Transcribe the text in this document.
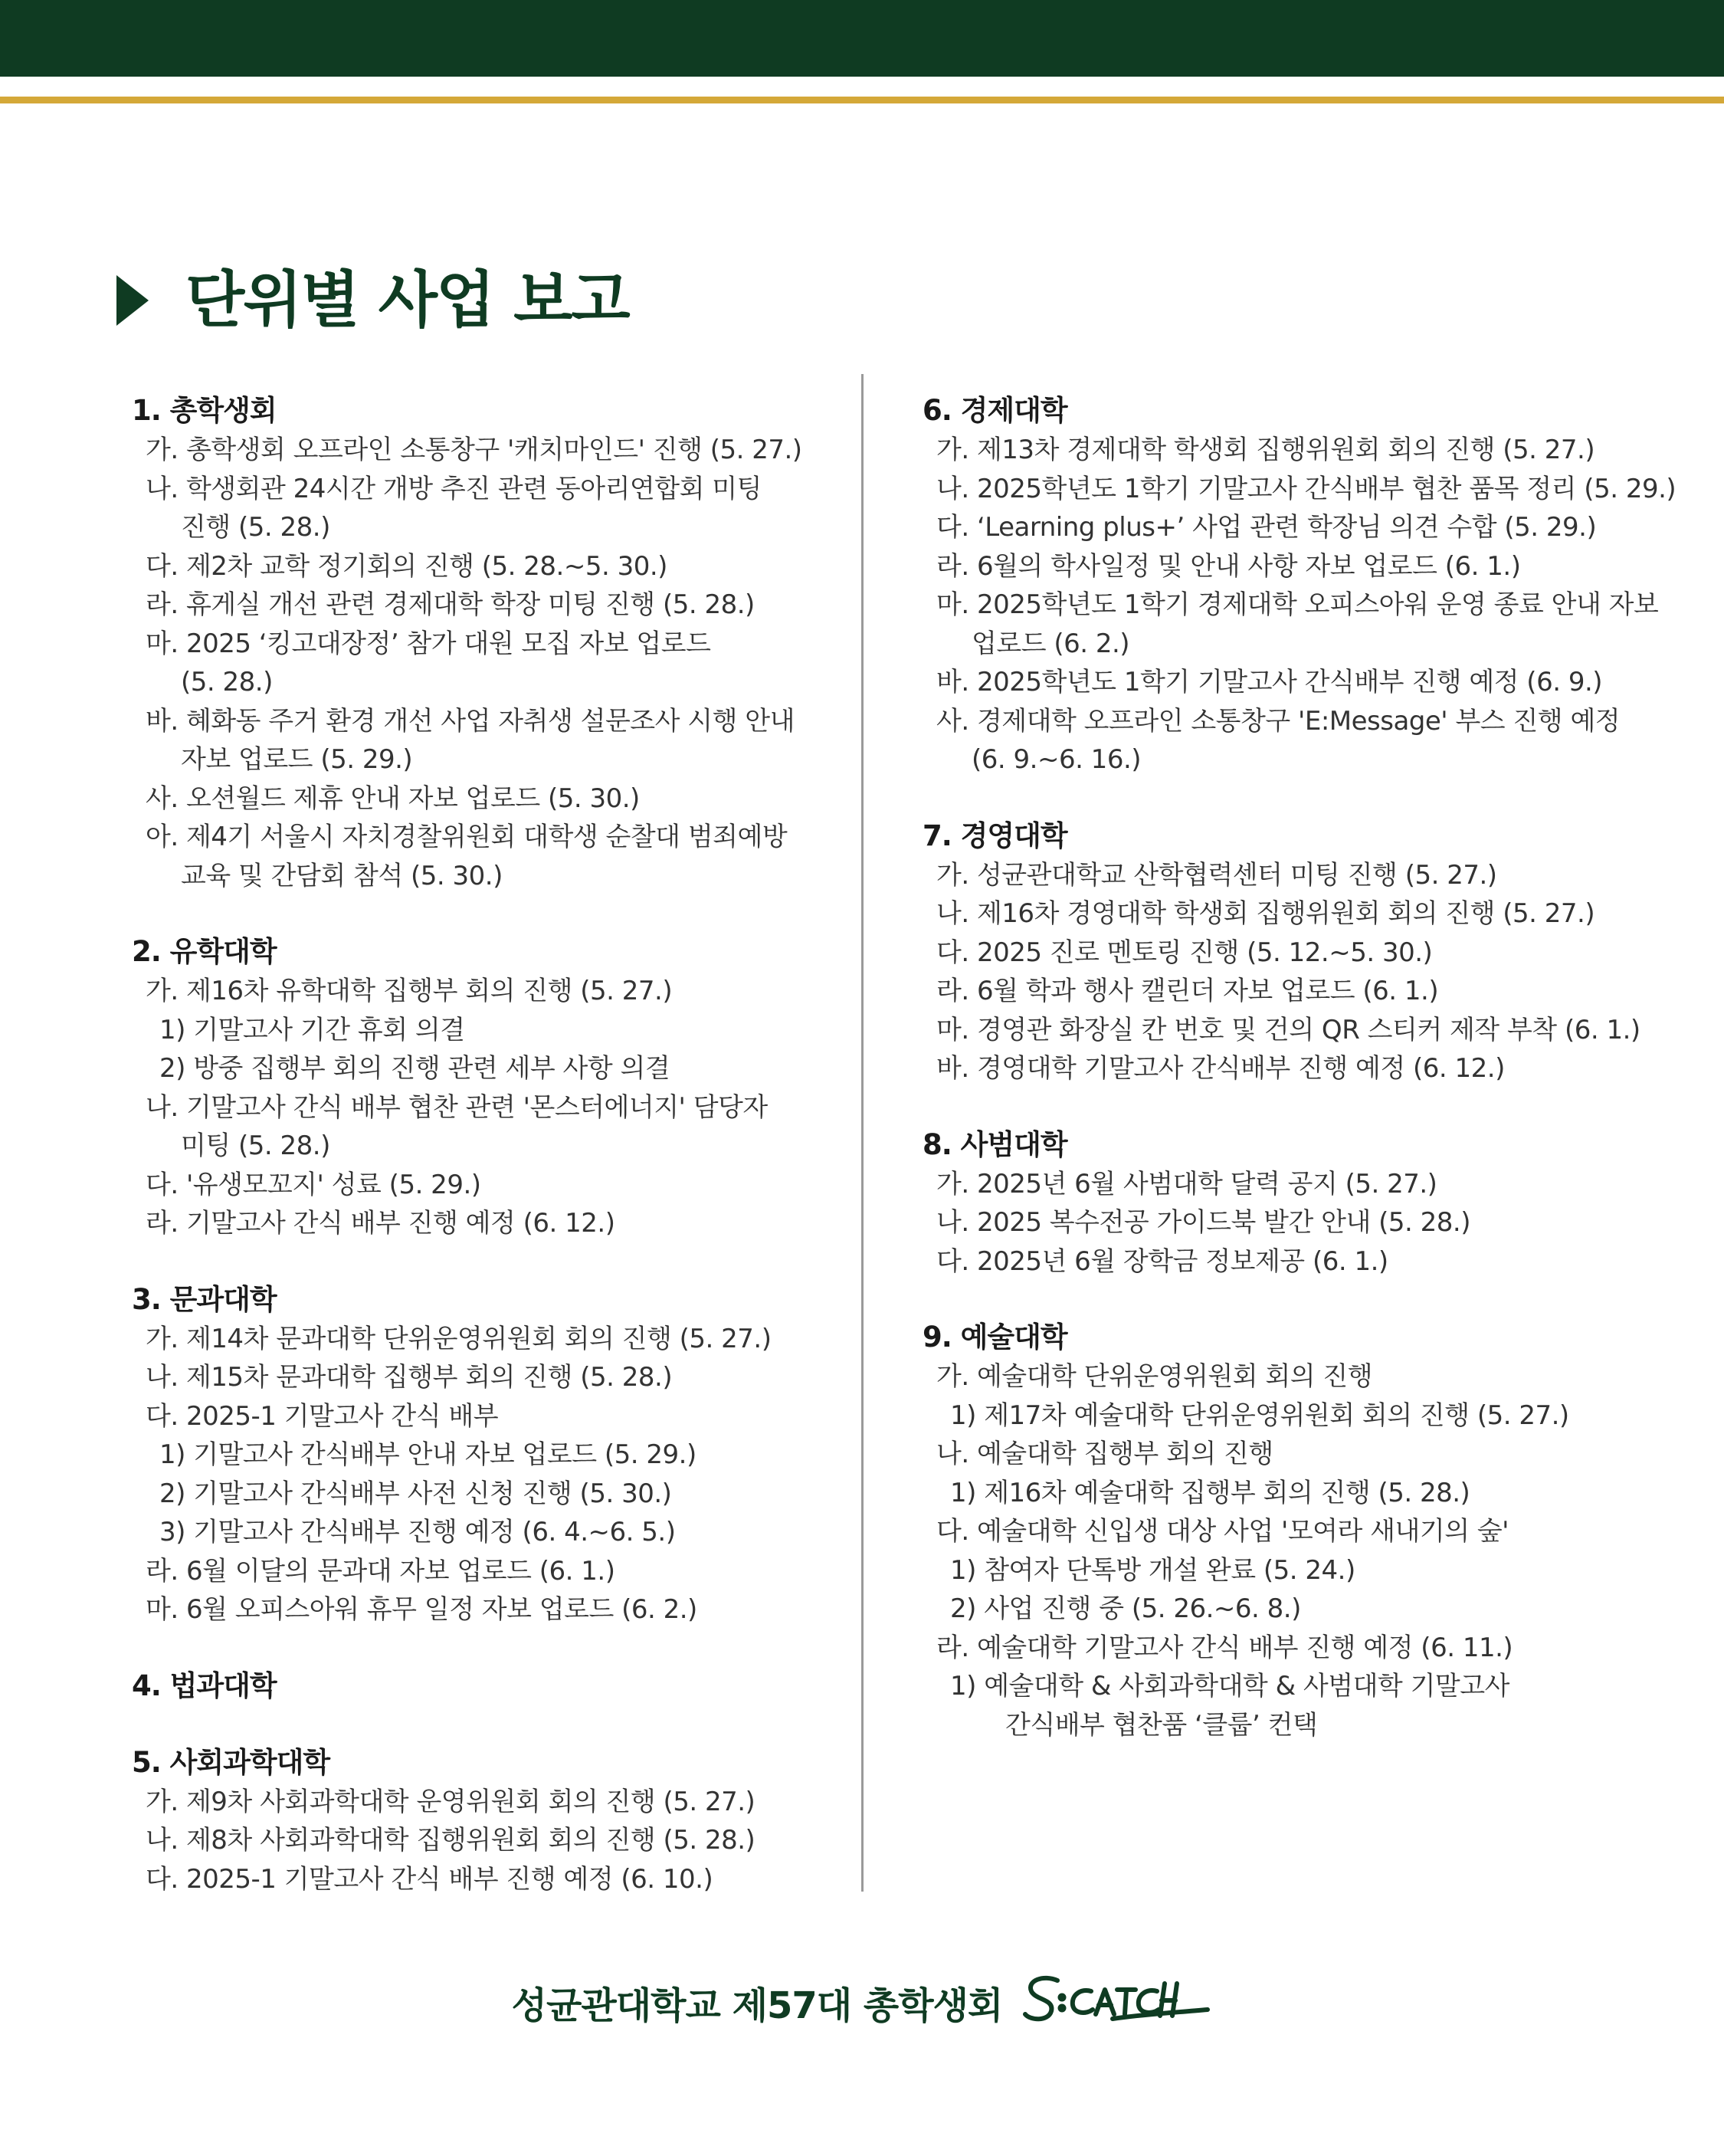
단위별 사업 보고
1. 총학생회
가. 총학생회 오프라인 소통창구 '캐치마인드' 진행 (5. 27.)
나. 학생회관 24시간 개방 추진 관련 동아리연합회 미팅
진행 (5. 28.)
다. 제2차 교학 정기회의 진행 (5. 28.~5. 30.)
라. 휴게실 개선 관련 경제대학 학장 미팅 진행 (5. 28.)
마. 2025 ‘킹고대장정’ 참가 대원 모집 자보 업로드
(5. 28.)
바. 혜화동 주거 환경 개선 사업 자취생 설문조사 시행 안내
자보 업로드 (5. 29.)
사. 오션월드 제휴 안내 자보 업로드 (5. 30.)
아. 제4기 서울시 자치경찰위원회 대학생 순찰대 범죄예방
교육 및 간담회 참석 (5. 30.)
2. 유학대학
가. 제16차 유학대학 집행부 회의 진행 (5. 27.)
1) 기말고사 기간 휴회 의결
2) 방중 집행부 회의 진행 관련 세부 사항 의결
나. 기말고사 간식 배부 협찬 관련 '몬스터에너지' 담당자
미팅 (5. 28.)
다. '유생모꼬지' 성료 (5. 29.)
라. 기말고사 간식 배부 진행 예정 (6. 12.)
3. 문과대학
가. 제14차 문과대학 단위운영위원회 회의 진행 (5. 27.)
나. 제15차 문과대학 집행부 회의 진행 (5. 28.)
다. 2025-1 기말고사 간식 배부
1) 기말고사 간식배부 안내 자보 업로드 (5. 29.)
2) 기말고사 간식배부 사전 신청 진행 (5. 30.)
3) 기말고사 간식배부 진행 예정 (6. 4.~6. 5.)
라. 6월 이달의 문과대 자보 업로드 (6. 1.)
마. 6월 오피스아워 휴무 일정 자보 업로드 (6. 2.)
4. 법과대학
5. 사회과학대학
가. 제9차 사회과학대학 운영위원회 회의 진행 (5. 27.)
나. 제8차 사회과학대학 집행위원회 회의 진행 (5. 28.)
다. 2025-1 기말고사 간식 배부 진행 예정 (6. 10.)
6. 경제대학
가. 제13차 경제대학 학생회 집행위원회 회의 진행 (5. 27.)
나. 2025학년도 1학기 기말고사 간식배부 협찬 품목 정리 (5. 29.)
다. ‘Learning plus+’ 사업 관련 학장님 의견 수합 (5. 29.)
라. 6월의 학사일정 및 안내 사항 자보 업로드 (6. 1.)
마. 2025학년도 1학기 경제대학 오피스아워 운영 종료 안내 자보
업로드 (6. 2.)
바. 2025학년도 1학기 기말고사 간식배부 진행 예정 (6. 9.)
사. 경제대학 오프라인 소통창구 'E:Message' 부스 진행 예정
(6. 9.~6. 16.)
7. 경영대학
가. 성균관대학교 산학협력센터 미팅 진행 (5. 27.)
나. 제16차 경영대학 학생회 집행위원회 회의 진행 (5. 27.)
다. 2025 진로 멘토링 진행 (5. 12.~5. 30.)
라. 6월 학과 행사 캘린더 자보 업로드 (6. 1.)
마. 경영관 화장실 칸 번호 및 건의 QR 스티커 제작 부착 (6. 1.)
바. 경영대학 기말고사 간식배부 진행 예정 (6. 12.)
8. 사범대학
가. 2025년 6월 사범대학 달력 공지 (5. 27.)
나. 2025 복수전공 가이드북 발간 안내 (5. 28.)
다. 2025년 6월 장학금 정보제공 (6. 1.)
9. 예술대학
가. 예술대학 단위운영위원회 회의 진행
1) 제17차 예술대학 단위운영위원회 회의 진행 (5. 27.)
나. 예술대학 집행부 회의 진행
1) 제16차 예술대학 집행부 회의 진행 (5. 28.)
다. 예술대학 신입생 대상 사업 '모여라 새내기의 숲'
1) 참여자 단톡방 개설 완료 (5. 24.)
2) 사업 진행 중 (5. 26.~6. 8.)
라. 예술대학 기말고사 간식 배부 진행 예정 (6. 11.)
1) 예술대학 & 사회과학대학 & 사범대학 기말고사
간식배부 협찬품 ‘클룹’ 컨택
성균관대학교 제57대 총학생회
